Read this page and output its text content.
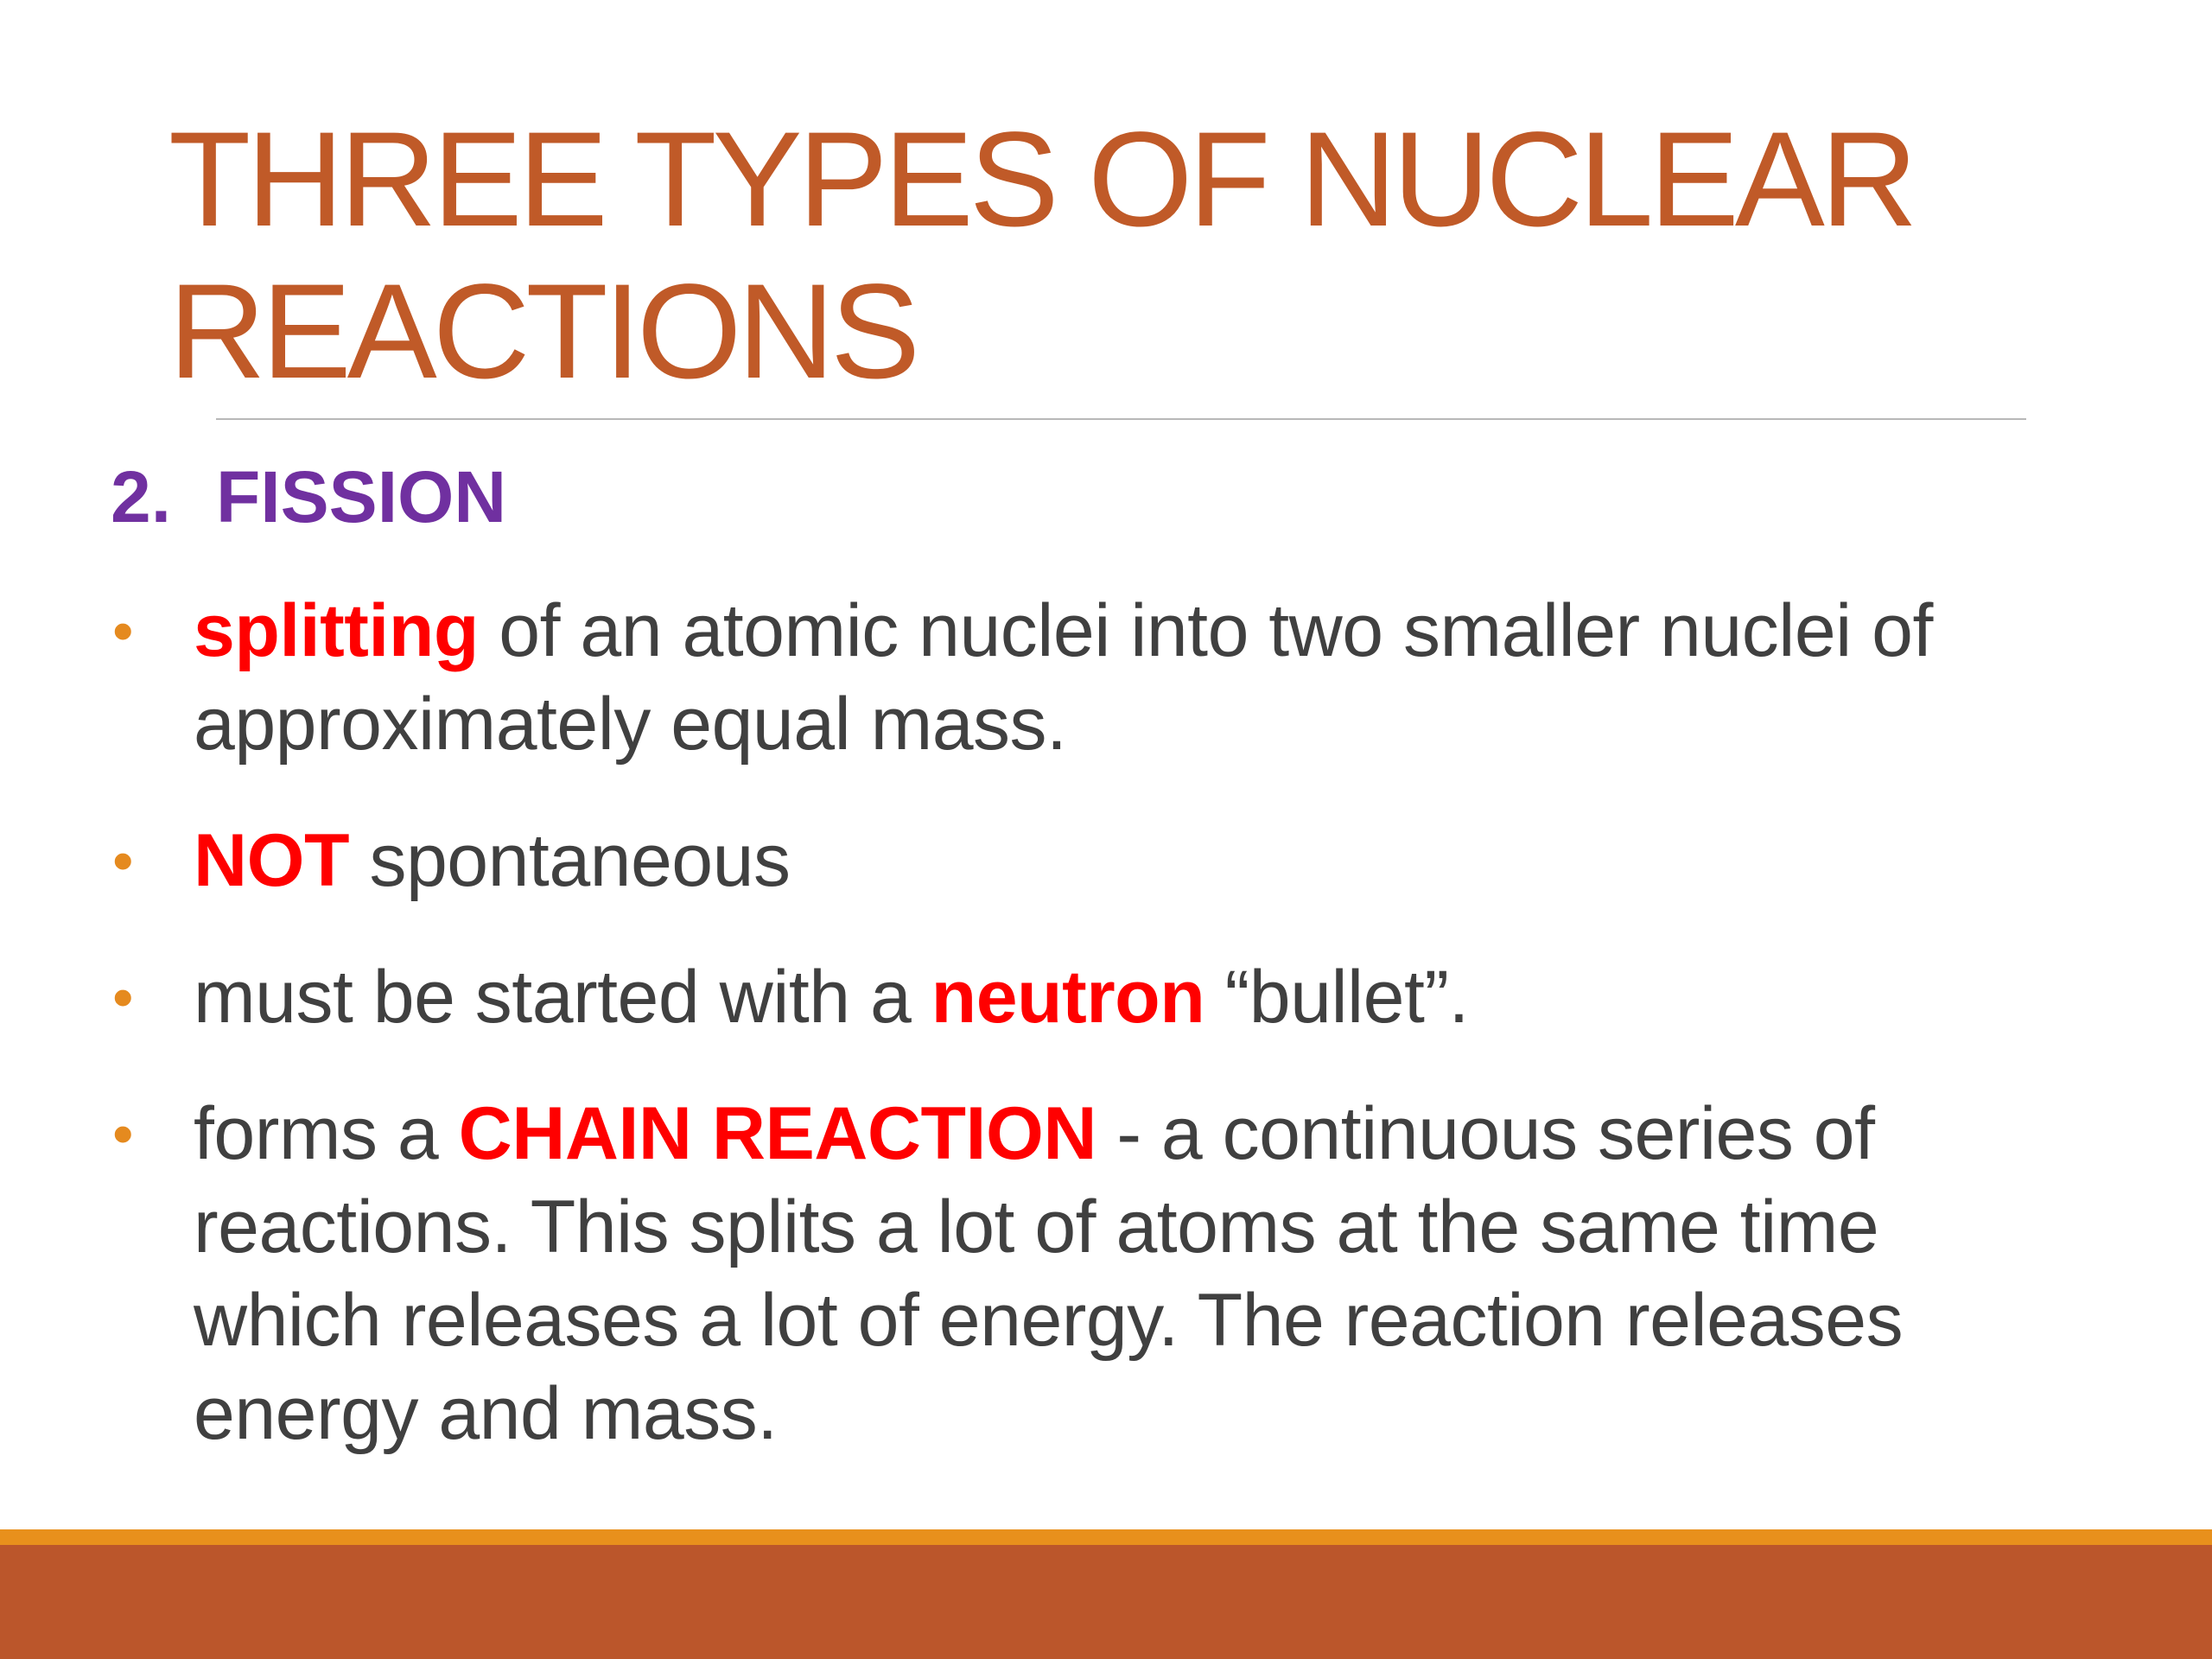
THREE TYPES OF NUCLEAR
REACTIONS
2. FISSION
• splitting of an atomic nuclei into two smaller nuclei of
approximately equal mass.
• NOT spontaneous
• must be started with a neutron “bullet”.
• forms a CHAIN REACTION - a continuous series of
reactions. This splits a lot of atoms at the same time
which releases a lot of energy. The reaction releases
energy and mass.
